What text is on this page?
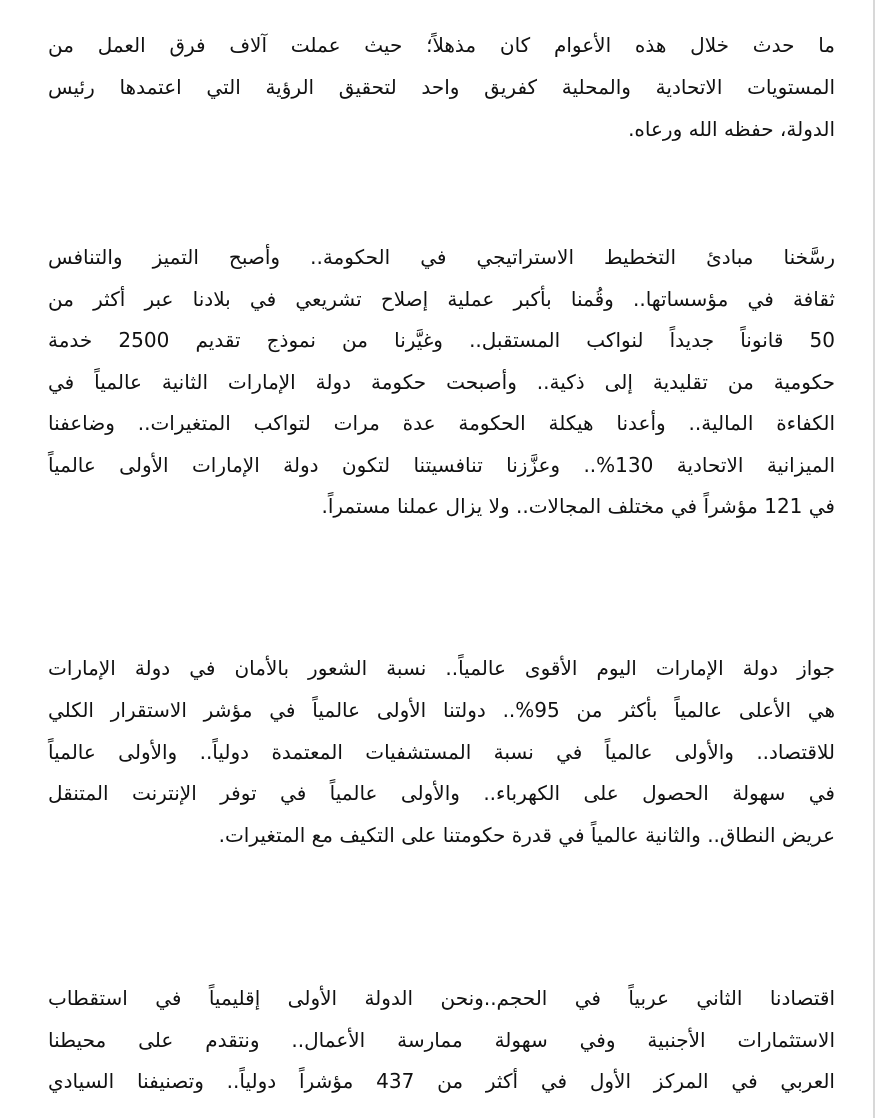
ما حدث خلال هذه الأعوام كان مذهلاً؛ حيث عملت آلاف فرق العمل من
المستويات الاتحادية والمحلية كفريق واحد لتحقيق الرؤية التي اعتمدها رئيس
الدولة، حفظه الله ورعاه.
رسَّخنا مبادئ التخطيط الاستراتيجي في الحكومة.. وأصبح التميز والتنافس
ثقافة في مؤسساتها.. وقُمنا بأكبر عملية إصلاح تشريعي في بلادنا عبر أكثر من
50 قانوناً جديداً لنواكب المستقبل.. وغيَّرنا من نموذج تقديم 2500 خدمة
حكومية من تقليدية إلى ذكية.. وأصبحت حكومة دولة الإمارات الثانية عالمياً في
الكفاءة المالية.. وأعدنا هيكلة الحكومة عدة مرات لتواكب المتغيرات.. وضاعفنا
الميزانية الاتحادية 130%.. وعزَّزنا تنافسيتنا لتكون دولة الإمارات الأولى عالمياً
في 121 مؤشراً في مختلف المجالات.. ولا يزال عملنا مستمراً.
جواز دولة الإمارات اليوم الأقوى عالمياً.. نسبة الشعور بالأمان في دولة الإمارات
هي الأعلى عالمياً بأكثر من 95%.. دولتنا الأولى عالمياً في مؤشر الاستقرار الكلي
للاقتصاد.. والأولى عالمياً في نسبة المستشفيات المعتمدة دولياً.. والأولى عالمياً
في سهولة الحصول على الكهرباء.. والأولى عالمياً في توفر الإنترنت المتنقل
عريض النطاق.. والثانية عالمياً في قدرة حكومتنا على التكيف مع المتغيرات.
اقتصادنا الثاني عربياً في الحجم..ونحن الدولة الأولى إقليمياً في استقطاب
الاستثمارات الأجنبية وفي سهولة ممارسة الأعمال.. ونتقدم على محيطنا
العربي في المركز الأول في أكثر من 437 مؤشراً دولياً.. وتصنيفنا السيادي
